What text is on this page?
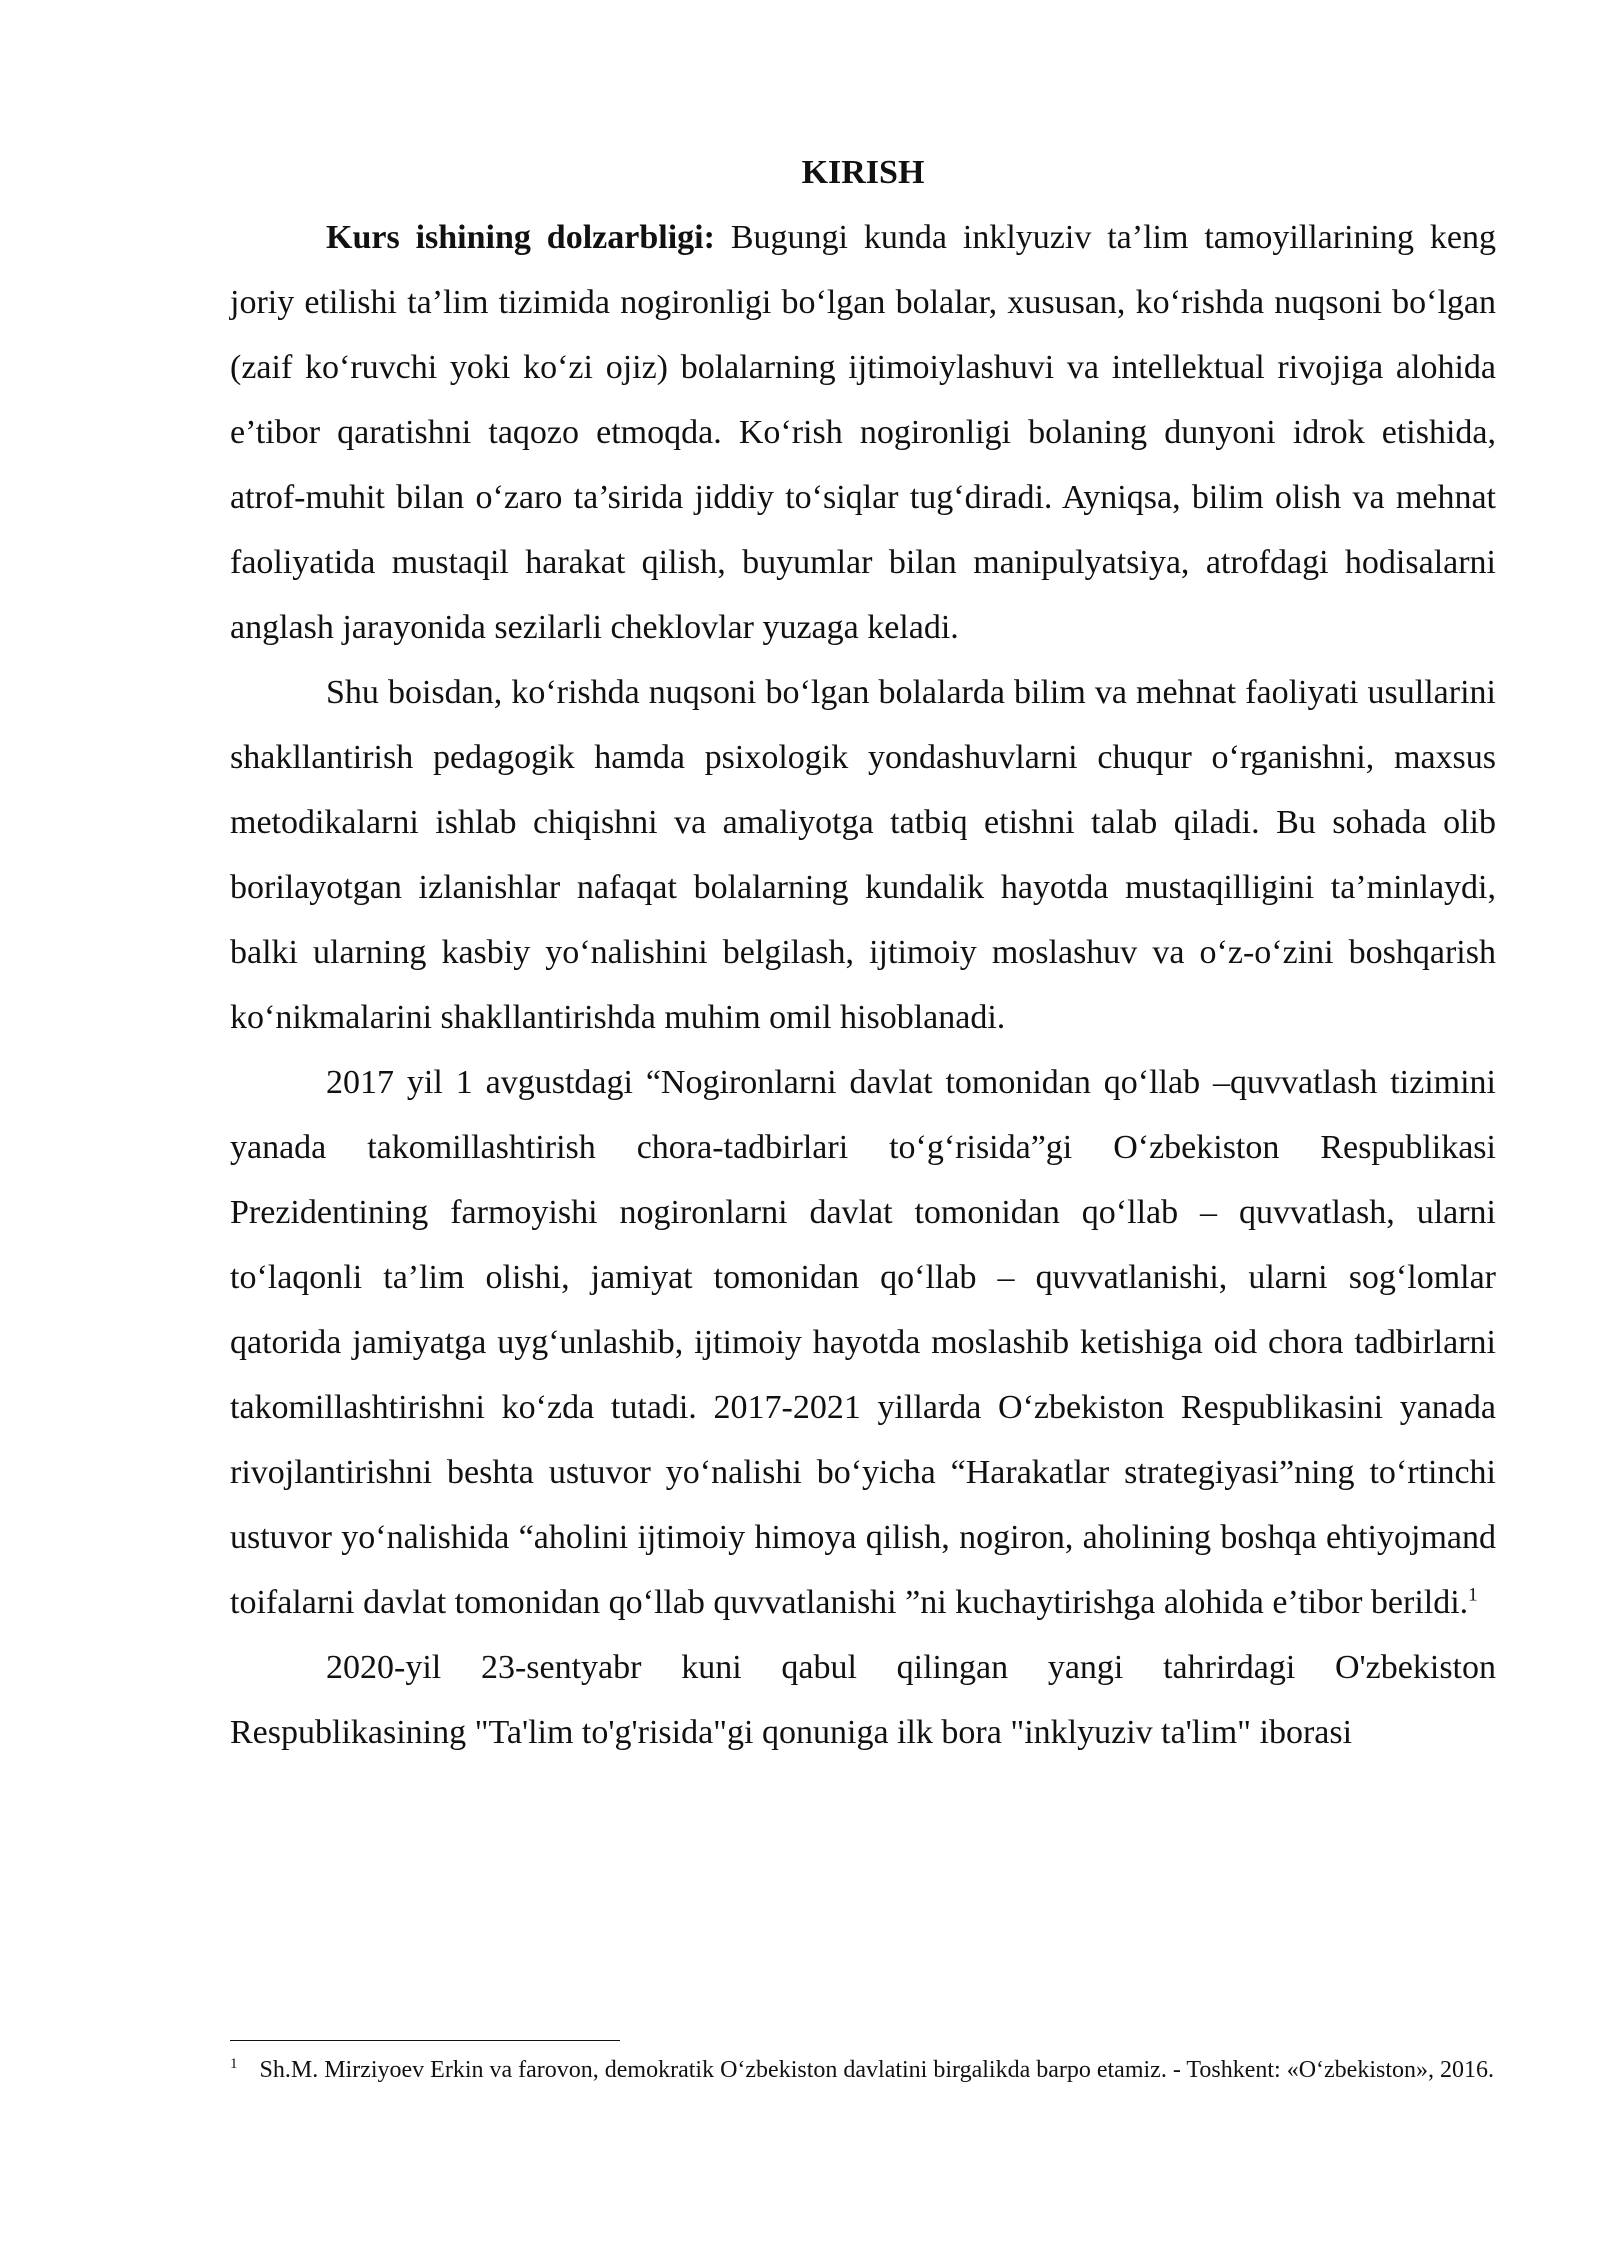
KIRISH

Kurs ishining dolzarbligi: Bugungi kunda inklyuziv ta’lim tamoyillarining keng joriy etilishi ta’lim tizimida nogironligi boʻlgan bolalar, xususan, koʻrishda nuqsoni boʻlgan (zaif koʻruvchi yoki koʻzi ojiz) bolalarning ijtimoiylashuvi va intellektual rivojiga alohida e’tibor qaratishni taqozo etmoqda. Koʻrish nogironligi bolaning dunyoni idrok etishida, atrof-muhit bilan oʻzaro ta’sirida jiddiy toʻsiqlar tugʻdiradi. Ayniqsa, bilim olish va mehnat faoliyatida mustaqil harakat qilish, buyumlar bilan manipulyatsiya, atrofdagi hodisalarni anglash jarayonida sezilarli cheklovlar yuzaga keladi.

Shu boisdan, koʻrishda nuqsoni boʻlgan bolalarda bilim va mehnat faoliyati usullarini shakllantirish pedagogik hamda psixologik yondashuvlarni chuqur oʻrganishni, maxsus metodikalarni ishlab chiqishni va amaliyotga tatbiq etishni talab qiladi. Bu sohada olib borilayotgan izlanishlar nafaqat bolalarning kundalik hayotda mustaqilligini ta’minlaydi, balki ularning kasbiy yoʻnalishini belgilash, ijtimoiy moslashuv va oʻz-oʻzini boshqarish koʻnikmalarini shakllantirishda muhim omil hisoblanadi.

2017 yil 1 avgustdagi “Nogironlarni davlat tomonidan qoʻllab –quvvatlash tizimini yanada takomillashtirish chora-tadbirlari toʻgʻrisida”gi Oʻzbekiston Respublikasi Prezidentining farmoyishi nogironlarni davlat tomonidan qoʻllab – quvvatlash, ularni toʻlaqonli ta’lim olishi, jamiyat tomonidan qoʻllab – quvvatlanishi, ularni sogʻlomlar qatorida jamiyatga uygʻunlashib, ijtimoiy hayotda moslashib ketishiga oid chora tadbirlarni takomillashtirishni koʻzda tutadi. 2017-2021 yillarda Oʻzbekiston Respublikasini yanada rivojlantirishni beshta ustuvor yoʻnalishi boʻyicha “Harakatlar strategiyasi”ning toʻrtinchi ustuvor yoʻnalishida “aholini ijtimoiy himoya qilish, nogiron, aholining boshqa ehtiyojmand toifalarni davlat tomonidan qoʻllab quvvatlanishi ”ni kuchaytirishga alohida e’tibor berildi.$^1$

2020-yil 23-sentyabr kuni qabul qilingan yangi tahrirdagi O'zbekiston Respublikasining "Ta'lim to'g'risida"gi qonuniga ilk bora "inklyuziv ta'lim" iborasi

$^1$ Sh.M. Mirziyoev Erkin va farovon, demokratik Oʻzbekiston davlatini birgalikda barpo etamiz. - Toshkent: «Oʻzbekiston», 2016.
